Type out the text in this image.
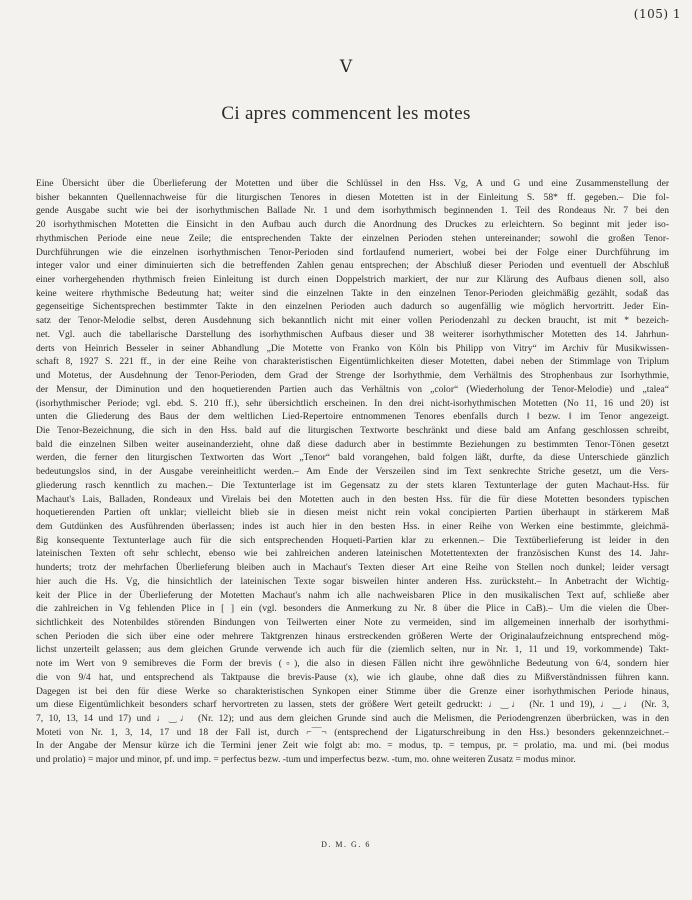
(105) 1
V
Ci apres commencent les motes
Eine Übersicht über die Überlieferung der Motetten und über die Schlüssel in den Hss. Vg, A und G und eine Zusammenstellung der
bisher bekannten Quellennachweise für die liturgischen Tenores in diesen Motetten ist in der Einleitung S. 58* ff. gegeben.– Die fol-
gende Ausgabe sucht wie bei der isorhythmischen Ballade Nr. 1 und dem isorhythmisch beginnenden 1. Teil des Rondeaus Nr. 7 bei den
20 isorhythmischen Motetten die Einsicht in den Aufbau auch durch die Anordnung des Druckes zu erleichtern. So beginnt mit jeder iso-
rhythmischen Periode eine neue Zeile; die entsprechenden Takte der einzelnen Perioden stehen untereinander; sowohl die großen Tenor-
Durchführungen wie die einzelnen isorhythmischen Tenor-Perioden sind fortlaufend numeriert, wobei bei der Folge einer Durchführung im
integer valor und einer diminuierten sich die betreffenden Zahlen genau entsprechen; der Abschluß dieser Perioden und eventuell der Abschluß
einer vorhergehenden rhythmisch freien Einleitung ist durch einen Doppelstrich markiert, der nur zur Klärung des Aufbaus dienen soll, also
keine weitere rhythmische Bedeutung hat; weiter sind die einzelnen Takte in den einzelnen Tenor-Perioden gleichmäßig gezählt, sodaß das
gegenseitige Sichentsprechen bestimmter Takte in den einzelnen Perioden auch dadurch so augenfällig wie möglich hervortritt. Jeder Ein-
satz der Tenor-Melodie selbst, deren Ausdehnung sich bekanntlich nicht mit einer vollen Periodenzahl zu decken braucht, ist mit * bezeich-
net. Vgl. auch die tabellarische Darstellung des isorhythmischen Aufbaus dieser und 38 weiterer isorhythmischer Motetten des 14. Jahrhun-
derts von Heinrich Besseler in seiner Abhandlung „Die Motette von Franko von Köln bis Philipp von Vitry“ im Archiv für Musikwissen-
schaft 8, 1927 S. 221 ff., in der eine Reihe von charakteristischen Eigentümlichkeiten dieser Motetten, dabei neben der Stimmlage von Triplum
und Motetus, der Ausdehnung der Tenor-Perioden, dem Grad der Strenge der Isorhythmie, dem Verhältnis des Strophenbaus zur Isorhythmie,
der Mensur, der Diminution und den hoquetierenden Partien auch das Verhältnis von „color“ (Wiederholung der Tenor-Melodie) und „talea“
(isorhythmischer Periode; vgl. ebd. S. 210 ff.), sehr übersichtlich erscheinen. In den drei nicht-isorhythmischen Motetten (No 11, 16 und 20) ist
unten die Gliederung des Baus der dem weltlichen Lied-Repertoire entnommenen Tenores ebenfalls durch ‖ bezw. ‖ im Tenor angezeigt.
Die Tenor-Bezeichnung, die sich in den Hss. bald auf die liturgischen Textworte beschränkt und diese bald am Anfang geschlossen schreibt,
bald die einzelnen Silben weiter auseinanderzieht, ohne daß diese dadurch aber in bestimmte Beziehungen zu bestimmten Tenor-Tönen gesetzt
werden, die ferner den liturgischen Textworten das Wort „Tenor“ bald vorangehen, bald folgen läßt, durfte, da diese Unterschiede gänzlich
bedeutungslos sind, in der Ausgabe vereinheitlicht werden.– Am Ende der Verszeilen sind im Text senkrechte Striche gesetzt, um die Vers-
gliederung rasch kenntlich zu machen.– Die Textunterlage ist im Gegensatz zu der stets klaren Textunterlage der guten Machaut-Hss. für
Machaut's Lais, Balladen, Rondeaux und Virelais bei den Motetten auch in den besten Hss. für die für diese Motetten besonders typischen
hoquetierenden Partien oft unklar; vielleicht blieb sie in diesen meist nicht rein vokal concipierten Partien überhaupt in stärkerem Maß
dem Gutdünken des Ausführenden überlassen; indes ist auch hier in den besten Hss. in einer Reihe von Werken eine bestimmte, gleichmä-
ßig konsequente Textunterlage auch für die sich entsprechenden Hoqueti-Partien klar zu erkennen.– Die Textüberlieferung ist leider in den
lateinischen Texten oft sehr schlecht, ebenso wie bei zahlreichen anderen lateinischen Motettentexten der französischen Kunst des 14. Jahr-
hunderts; trotz der mehrfachen Überlieferung bleiben auch in Machaut's Texten dieser Art eine Reihe von Stellen noch dunkel; leider versagt
hier auch die Hs. Vg, die hinsichtlich der lateinischen Texte sogar bisweilen hinter anderen Hss. zurücksteht.– In Anbetracht der Wichtig-
keit der Plice in der Überlieferung der Motetten Machaut's nahm ich alle nachweisbaren Plice in den musikalischen Text auf, schließe aber
die zahlreichen in Vg fehlenden Plice in [ ] ein (vgl. besonders die Anmerkung zu Nr. 8 über die Plice in CaB).– Um die vielen die Über-
sichtlichkeit des Notenbildes störenden Bindungen von Teilwerten einer Note zu vermeiden, sind im allgemeinen innerhalb der isorhythmi-
schen Perioden die sich über eine oder mehrere Taktgrenzen hinaus erstreckenden größeren Werte der Originalaufzeichnung entsprechend mög-
lichst unzerteilt gelassen; aus dem gleichen Grunde verwende ich auch für die (ziemlich selten, nur in Nr. 1, 11 und 19, vorkommende) Takt-
note im Wert von 9 semibreves die Form der brevis (▫), die also in diesen Fällen nicht ihre gewöhnliche Bedeutung von 6/4, sondern hier
die von 9/4 hat, und entsprechend als Taktpause die brevis-Pause (x), wie ich glaube, ohne daß dies zu Mißverständnissen führen kann.
Dagegen ist bei den für diese Werke so charakteristischen Synkopen einer Stimme über die Grenze einer isorhythmischen Periode hinaus,
um diese Eigentümlichkeit besonders scharf hervortreten zu lassen, stets der größere Wert geteilt gedruckt: ♩‿♩ (Nr. 1 und 19), ♩‿♩ (Nr. 3,
7, 10, 13, 14 und 17) und ♩‿♩ (Nr. 12); und aus dem gleichen Grunde sind auch die Melismen, die Periodengrenzen überbrücken, was in den
Moteti von Nr. 1, 3, 14, 17 und 18 der Fall ist, durch ⌐‾‾‾¬ (entsprechend der Ligaturschreibung in den Hss.) besonders gekennzeichnet.–
In der Angabe der Mensur kürze ich die Termini jener Zeit wie folgt ab: mo. = modus, tp. = tempus, pr. = prolatio, ma. und mi. (bei modus
und prolatio) = major und minor, pf. und imp. = perfectus bezw. -tum und imperfectus bezw. -tum, mo. ohne weiteren Zusatz = modus minor.
D. M. G. 6
